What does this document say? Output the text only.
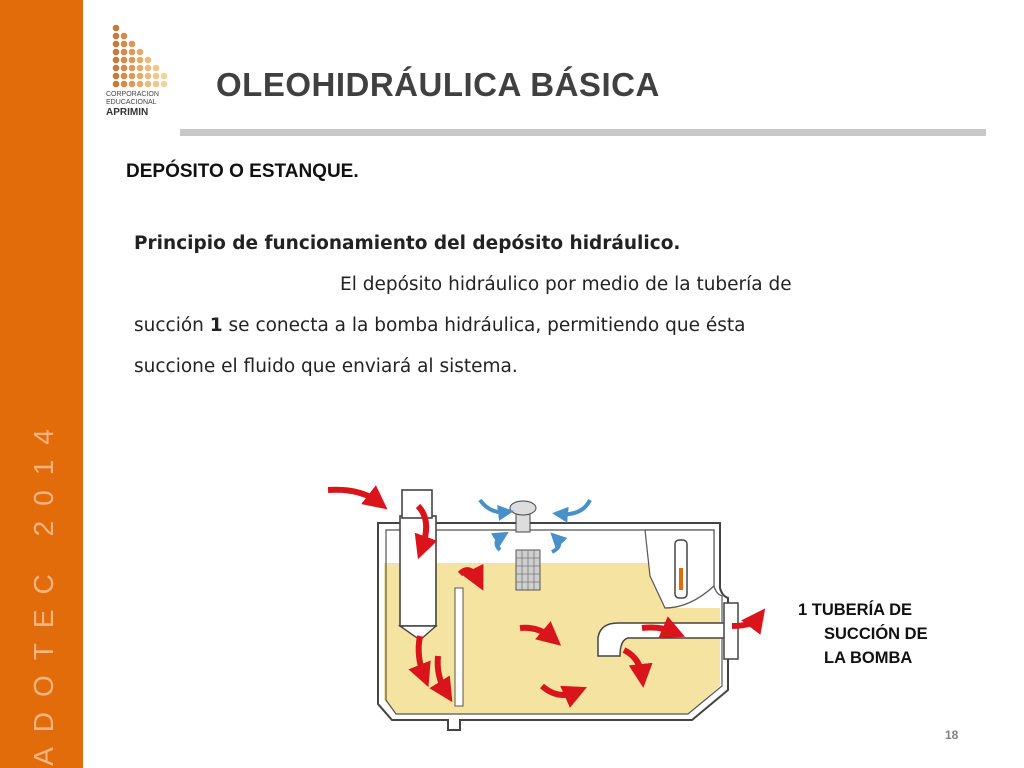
ADOTEC 2014
CORPORACION
EDUCACIONAL
APRIMIN
OLEOHIDRÁULICA BÁSICA
DEPÓSITO O ESTANQUE.

Principio de funcionamiento del depósito hidráulico.

El depósito hidráulico por medio de la tubería de

succión 1 se conecta a la bomba hidráulica, permitiendo que ésta

succione el fluido que enviará al sistema.

1 TUBERÍA DE
SUCCIÓN DE
LA BOMBA
18
